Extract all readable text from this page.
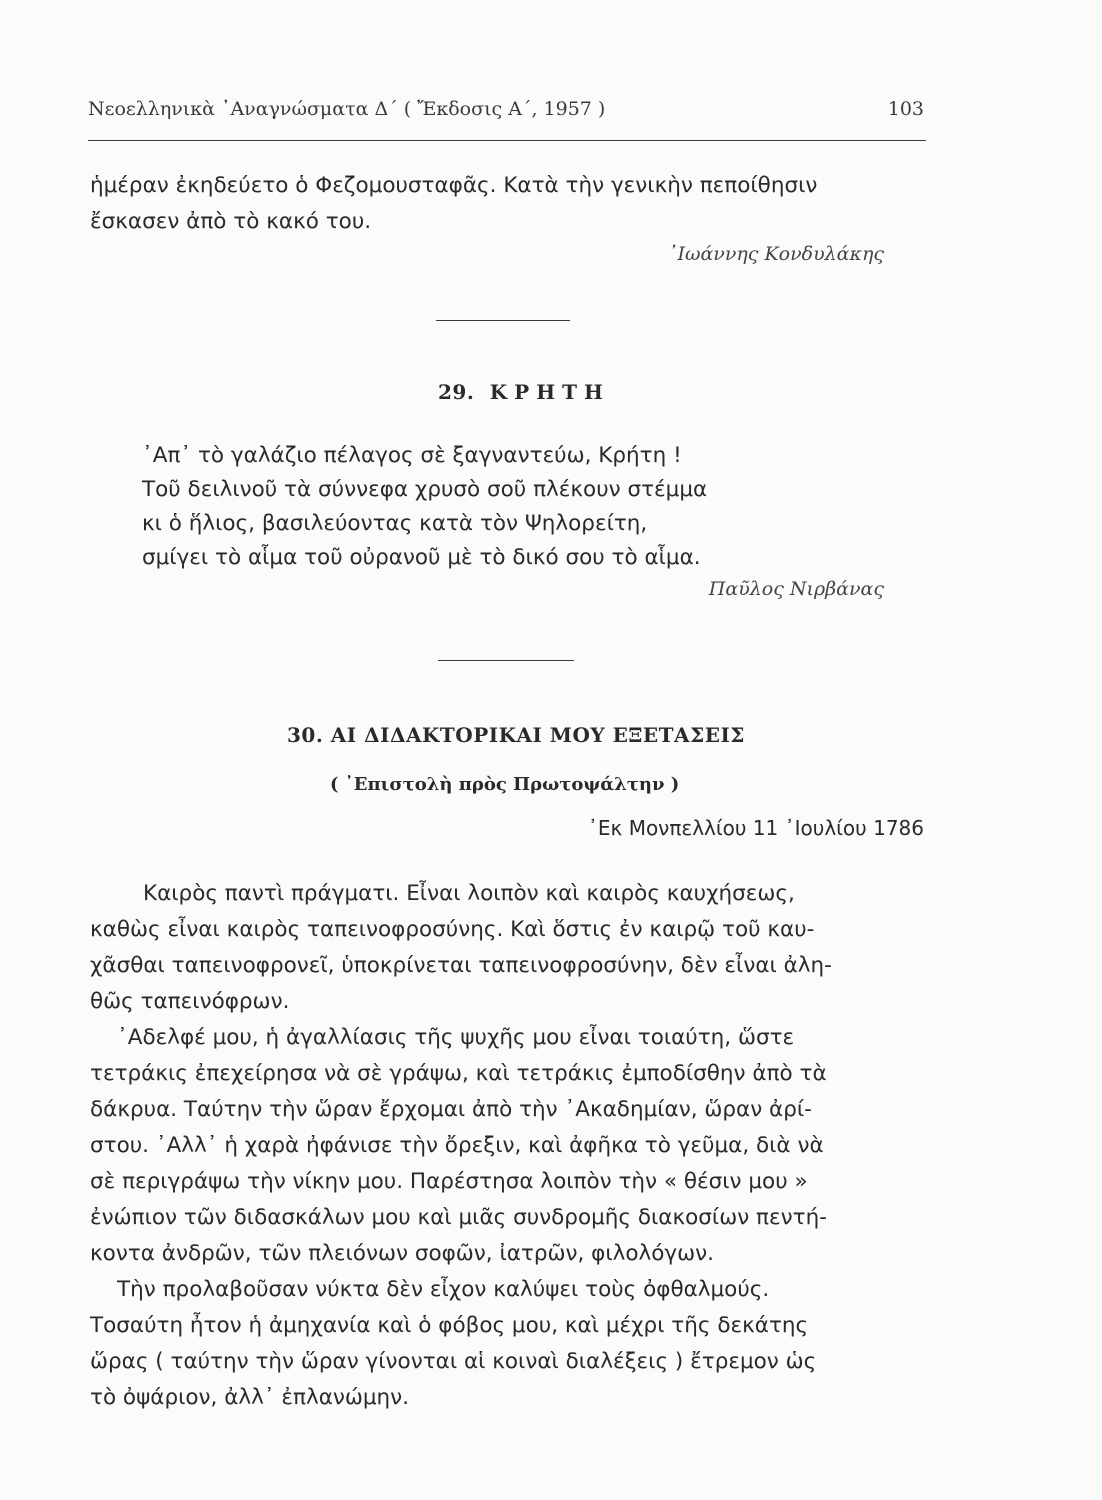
Νεοελληνικὰ ᾿Αναγνώσματα Δ΄ ( Ἔκδοσις Α΄, 1957 )	103
ἡμέραν ἐκηδεύετο ὁ Φεζομουσταφᾶς. Κατὰ τὴν γενικὴν πεποίθησιν
ἔσκασεν ἀπὸ τὸ κακό του.
᾿Ιωάννης Κονδυλάκης
29. ΚΡΗΤΗ
᾿Απ᾿ τὸ γαλάζιο πέλαγος σὲ ξαγναντεύω, Κρήτη !
Τοῦ δειλινοῦ τὰ σύννεφα χρυσὸ σοῦ πλέκουν στέμμα
κι ὁ ἥλιος, βασιλεύοντας κατὰ τὸν Ψηλορείτη,
σμίγει τὸ αἷμα τοῦ οὐρανοῦ μὲ τὸ δικό σου τὸ αἷμα.
Παῦλος Νιρβάνας
30. ΑΙ ΔΙΔΑΚΤΟΡΙΚΑΙ ΜΟΥ ΕΞΕΤΑΣΕΙΣ
( ᾿Επιστολὴ πρὸς Πρωτοψάλτην )
᾿Εκ Μονπελλίου 11 ᾿Ιουλίου 1786
Καιρὸς παντὶ πράγματι. Εἶναι λοιπὸν καὶ καιρὸς καυχήσεως,
καθὼς εἶναι καιρὸς ταπεινοφροσύνης. Καὶ ὅστις ἐν καιρῷ τοῦ καυ-
χᾶσθαι ταπεινοφρονεῖ, ὑποκρίνεται ταπεινοφροσύνην, δὲν εἶναι ἀλη-
θῶς ταπεινόφρων.
᾿Αδελφέ μου, ἡ ἀγαλλίασις τῆς ψυχῆς μου εἶναι τοιαύτη, ὥστε
τετράκις ἐπεχείρησα νὰ σὲ γράψω, καὶ τετράκις ἐμποδίσθην ἀπὸ τὰ
δάκρυα. Ταύτην τὴν ὥραν ἔρχομαι ἀπὸ τὴν ᾿Ακαδημίαν, ὥραν ἀρί-
στου. ᾿Αλλ᾿ ἡ χαρὰ ἠφάνισε τὴν ὄρεξιν, καὶ ἀφῆκα τὸ γεῦμα, διὰ νὰ
σὲ περιγράψω τὴν νίκην μου. Παρέστησα λοιπὸν τὴν « θέσιν μου »
ἐνώπιον τῶν διδασκάλων μου καὶ μιᾶς συνδρομῆς διακοσίων πεντή-
κοντα ἀνδρῶν, τῶν πλειόνων σοφῶν, ἰατρῶν, φιλολόγων.
Τὴν προλαβοῦσαν νύκτα δὲν εἶχον καλύψει τοὺς ὀφθαλμούς.
Τοσαύτη ἦτον ἡ ἀμηχανία καὶ ὁ φόβος μου, καὶ μέχρι τῆς δεκάτης
ὥρας ( ταύτην τὴν ὥραν γίνονται αἱ κοιναὶ διαλέξεις ) ἔτρεμον ὡς
τὸ ὀψάριον, ἀλλ᾿ ἐπλανώμην.
